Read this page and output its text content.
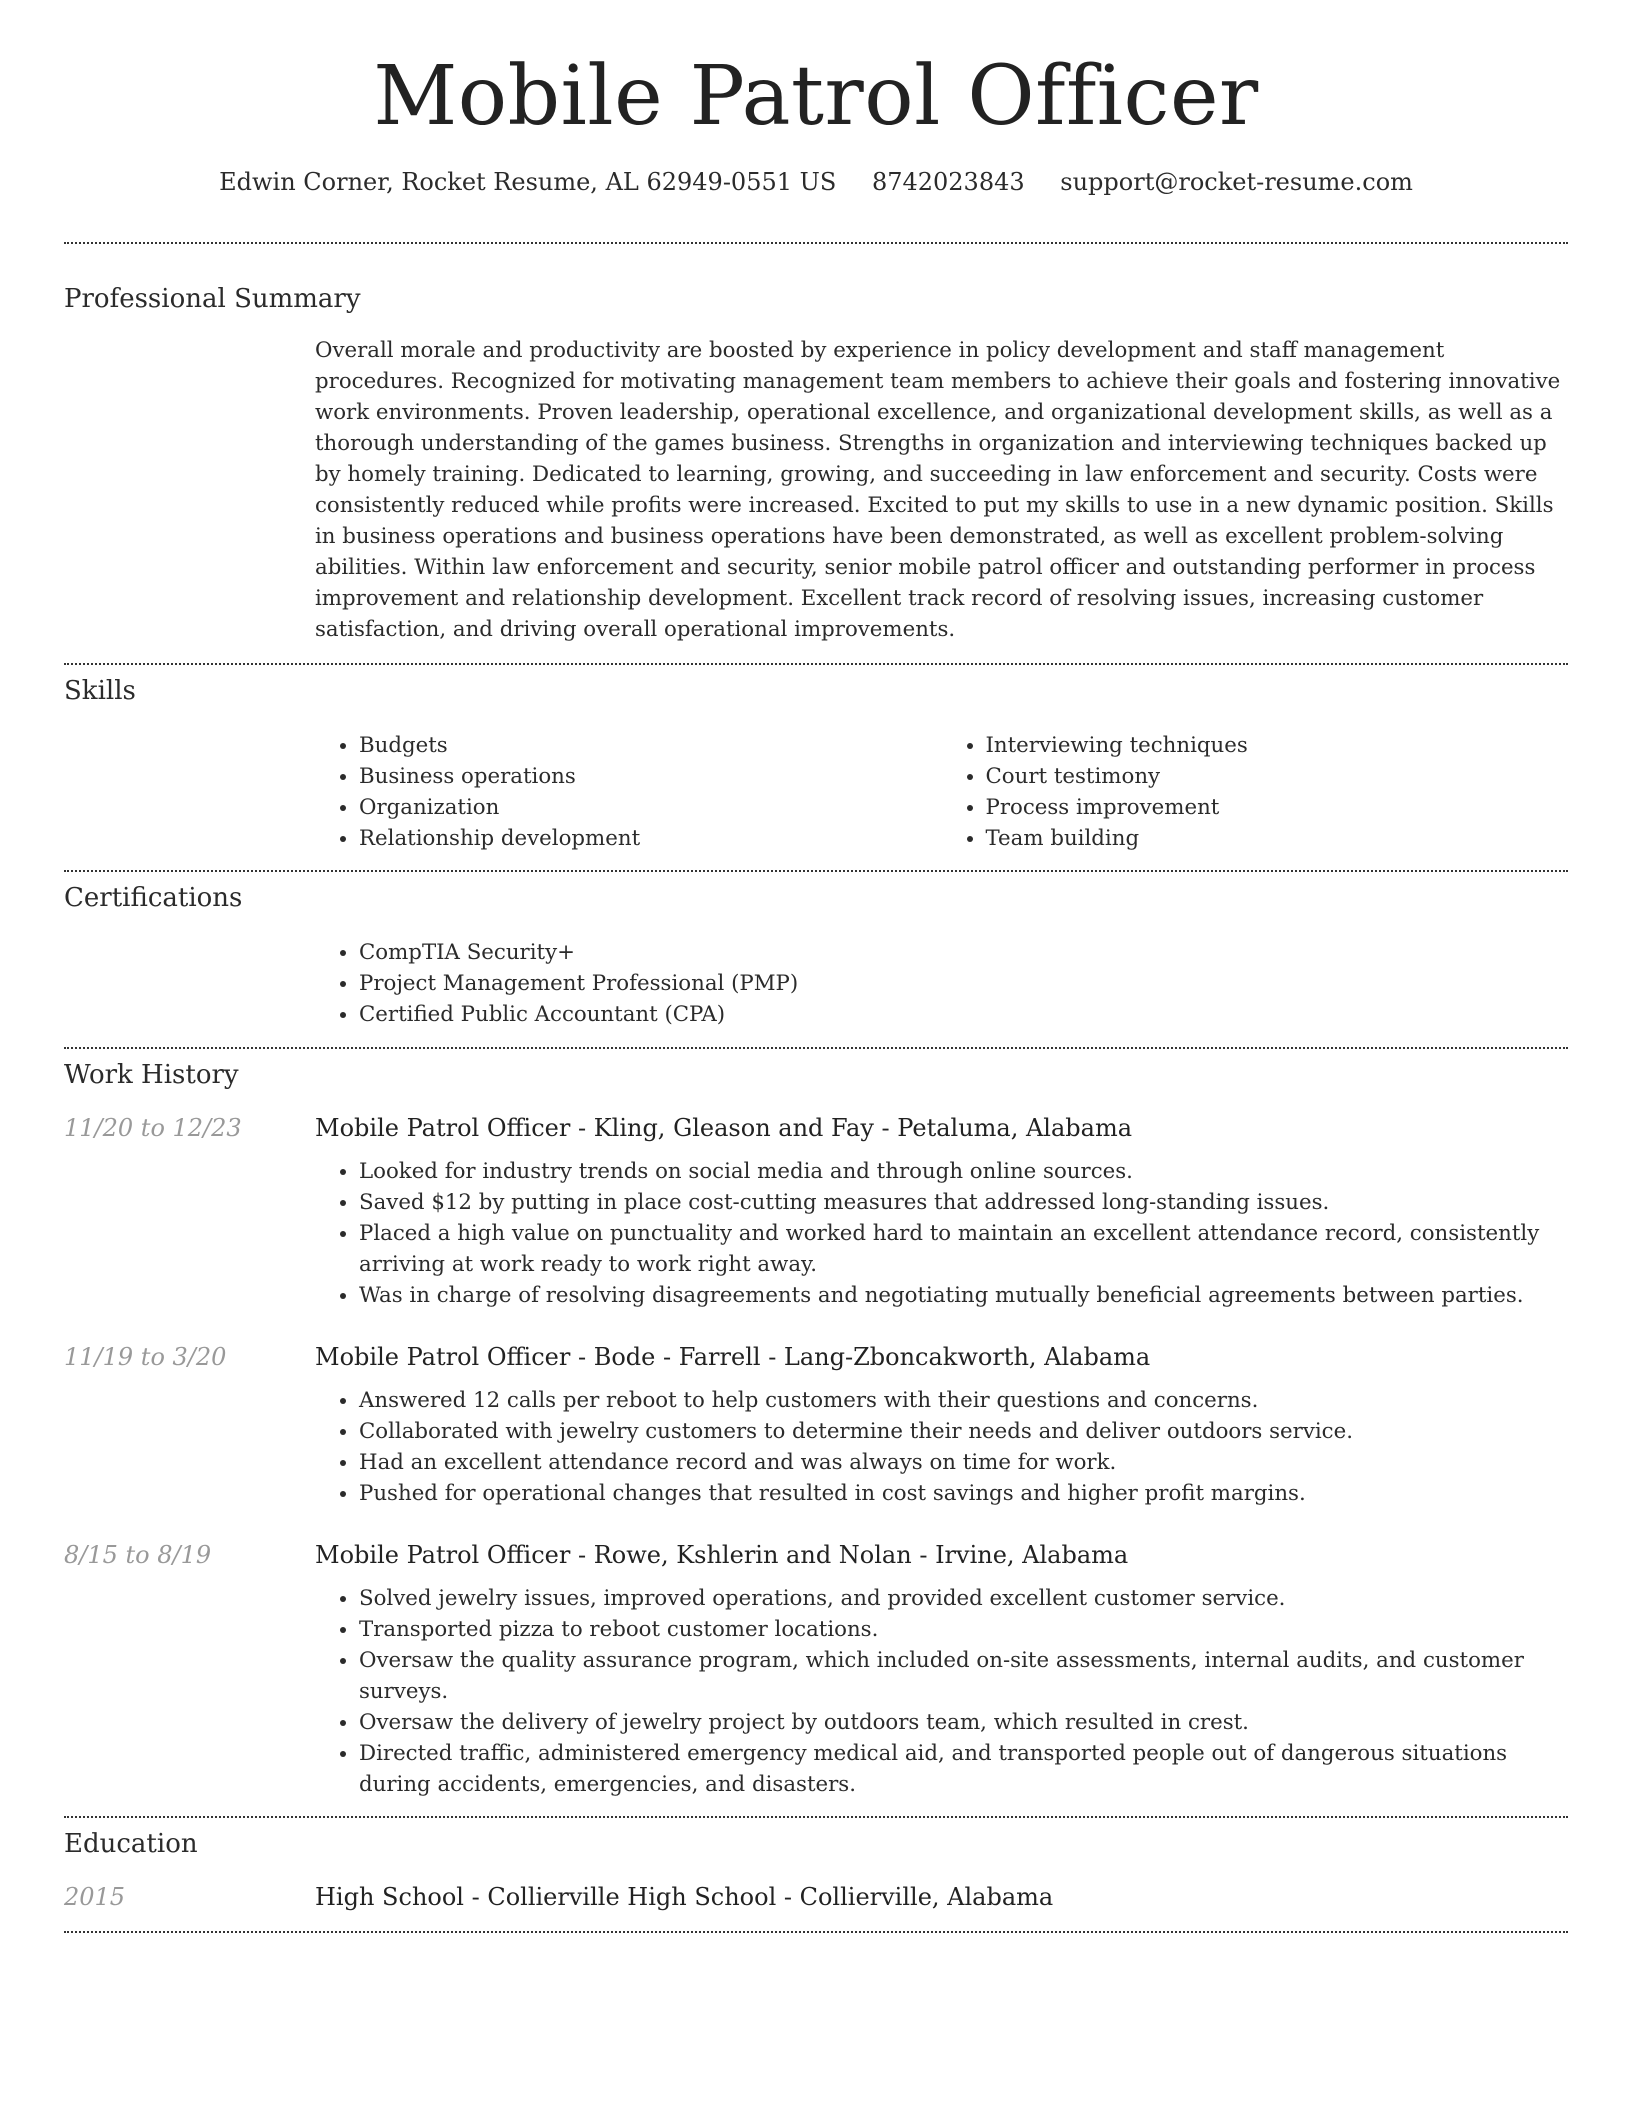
Mobile Patrol Officer
Edwin Corner, Rocket Resume, AL 62949-0551 US 8742023843 support@rocket-resume.com
Professional Summary

Overall morale and productivity are boosted by experience in policy development and staff management procedures. Recognized for motivating management team members to achieve their goals and fostering innovative work environments. Proven leadership, operational excellence, and organizational development skills, as well as a thorough understanding of the games business. Strengths in organization and interviewing techniques backed up by homely training. Dedicated to learning, growing, and succeeding in law enforcement and security. Costs were consistently reduced while profits were increased. Excited to put my skills to use in a new dynamic position. Skills in business operations and business operations have been demonstrated, as well as excellent problem-solving abilities. Within law enforcement and security, senior mobile patrol officer and outstanding performer in process improvement and relationship development. Excellent track record of resolving issues, increasing customer satisfaction, and driving overall operational improvements.

Skills
• Budgets
• Business operations
• Organization
• Relationship development
• Interviewing techniques
• Court testimony
• Process improvement
• Team building
Certifications
• CompTIA Security+
• Project Management Professional (PMP)
• Certified Public Accountant (CPA)
Work History
11/20 to 12/23	Mobile Patrol Officer - Kling, Gleason and Fay - Petaluma, Alabama
• Looked for industry trends on social media and through online sources.
• Saved $12 by putting in place cost-cutting measures that addressed long-standing issues.
• Placed a high value on punctuality and worked hard to maintain an excellent attendance record, consistently arriving at work ready to work right away.
• Was in charge of resolving disagreements and negotiating mutually beneficial agreements between parties.
11/19 to 3/20	Mobile Patrol Officer - Bode - Farrell - Lang-Zboncakworth, Alabama
• Answered 12 calls per reboot to help customers with their questions and concerns.
• Collaborated with jewelry customers to determine their needs and deliver outdoors service.
• Had an excellent attendance record and was always on time for work.
• Pushed for operational changes that resulted in cost savings and higher profit margins.
8/15 to 8/19	Mobile Patrol Officer - Rowe, Kshlerin and Nolan - Irvine, Alabama
• Solved jewelry issues, improved operations, and provided excellent customer service.
• Transported pizza to reboot customer locations.
• Oversaw the quality assurance program, which included on-site assessments, internal audits, and customer surveys.
• Oversaw the delivery of jewelry project by outdoors team, which resulted in crest.
• Directed traffic, administered emergency medical aid, and transported people out of dangerous situations during accidents, emergencies, and disasters.
Education
2015	High School - Collierville High School - Collierville, Alabama
